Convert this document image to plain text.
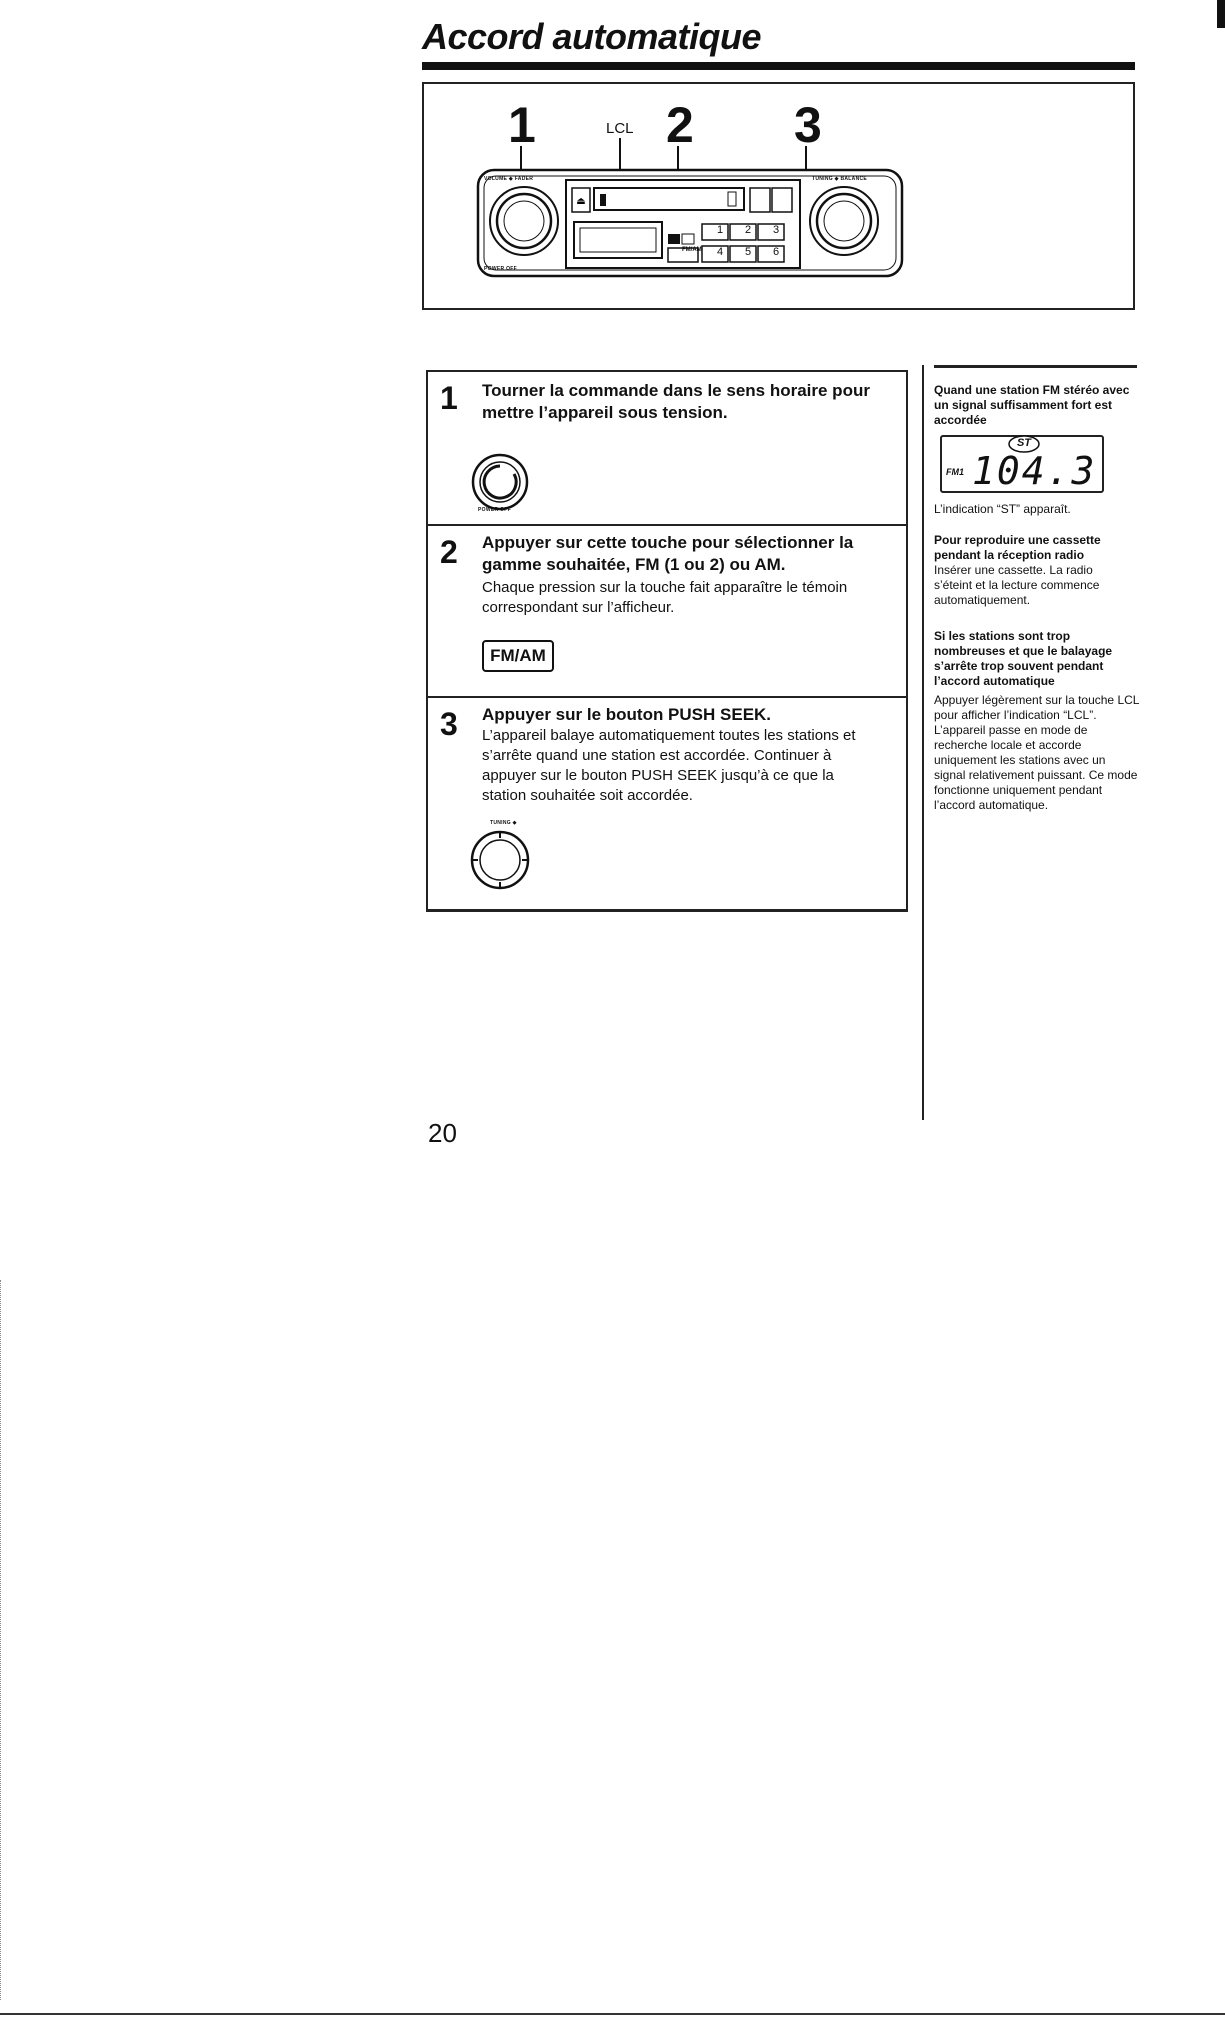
Accord automatique
1	LCL 2 3
⏏
FM/AM
1	2	3
4	5	6
VOLUME ◆ FADER
POWER OFF
TUNING ◆ BALANCE
1 Tourner la commande dans le sens horaire pour mettre l’appareil sous tension.

POWER OFF
2 Appuyer sur cette touche pour sélectionner la gamme souhaitée, FM (1 ou 2) ou AM.

Chaque pression sur la touche fait apparaître le témoin correspondant sur l’afficheur.

FM/AM
3 Appuyer sur le bouton PUSH SEEK.

L’appareil balaye automatiquement toutes les stations et s’arrête quand une station est accordée. Continuer à appuyer sur le bouton PUSH SEEK jusqu’à ce que la station souhaitée soit accordée.

TUNING ◆

Quand une station FM stéréo avec un signal suffisamment fort est accordée

ST
FM1 104.3

L’indication “ST” apparaît.

Pour reproduire une cassette pendant la réception radio

Insérer une cassette. La radio s’éteint et la lecture commence automatiquement.

Si les stations sont trop nombreuses et que le balayage s’arrête trop souvent pendant l’accord automatique

Appuyer légèrement sur la touche LCL pour afficher l’indication “LCL”. L’appareil passe en mode de recherche locale et accorde uniquement les stations avec un signal relativement puissant. Ce mode fonctionne uniquement pendant l’accord automatique.

20
